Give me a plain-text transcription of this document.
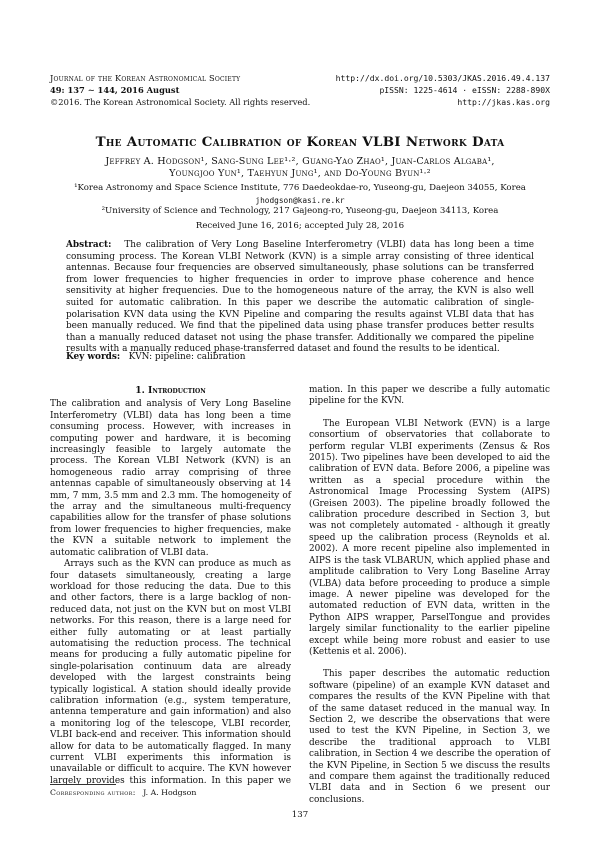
Journal of the Korean Astronomical Society
49: 137 ∼ 144, 2016 August
©2016. The Korean Astronomical Society. All rights reserved.
http://dx.doi.org/10.5303/JKAS.2016.49.4.137
pISSN: 1225-4614 · eISSN: 2288-890X
http://jkas.kas.org
The Automatic Calibration of Korean VLBI Network Data
Jeffrey A. Hodgson¹, Sang-Sung Lee¹·², Guang-Yao Zhao¹, Juan-Carlos Algaba¹,
Youngjoo Yun¹, Taehyun Jung¹, and Do-Young Byun¹·²
¹Korea Astronomy and Space Science Institute, 776 Daedeokdae-ro, Yuseong-gu, Daejeon 34055, Korea
jhodgson@kasi.re.kr
²University of Science and Technology, 217 Gajeong-ro, Yuseong-gu, Daejeon 34113, Korea
Received June 16, 2016; accepted July 28, 2016
Abstract: The calibration of Very Long Baseline Interferometry (VLBI) data has long been a time consuming process. The Korean VLBI Network (KVN) is a simple array consisting of three identical antennas. Because four frequencies are observed simultaneously, phase solutions can be transferred from lower frequencies to higher frequencies in order to improve phase coherence and hence sensitivity at higher frequencies. Due to the homogeneous nature of the array, the KVN is also well suited for automatic calibration. In this paper we describe the automatic calibration of single-polarisation KVN data using the KVN Pipeline and comparing the results against VLBI data that has been manually reduced. We find that the pipelined data using phase transfer produces better results than a manually reduced dataset not using the phase transfer. Additionally we compared the pipeline results with a manually reduced phase-transferred dataset and found the results to be identical.
Key words: KVN: pipeline: calibration
1. Introduction

The calibration and analysis of Very Long Baseline Interferometry (VLBI) data has long been a time consuming process. However, with increases in computing power and hardware, it is becoming increasingly feasible to largely automate the process. The Korean VLBI Network (KVN) is an homogeneous radio array comprising of three antennas capable of simultaneously observing at 14 mm, 7 mm, 3.5 mm and 2.3 mm. The homogeneity of the array and the simultaneous multi-frequency capabilities allow for the transfer of phase solutions from lower frequencies to higher frequencies, make the KVN a suitable network to implement the automatic calibration of VLBI data.

Arrays such as the KVN can produce as much as four datasets simultaneously, creating a large workload for those reducing the data. Due to this and other factors, there is a large backlog of non-reduced data, not just on the KVN but on most VLBI networks. For this reason, there is a large need for either fully automating or at least partially automatising the reduction process. The technical means for producing a fully automatic pipeline for single-polarisation continuum data are already developed with the largest constraints being typically logistical. A station should ideally provide calibration information (e.g., system temperature, antenna temperature and gain information) and also a monitoring log of the telescope, VLBI recorder, VLBI back-end and receiver. This information should allow for data to be automatically flagged. In many current VLBI experiments this information is unavailable or difficult to acquire. The KVN however largely provides this information. In this paper we

mation. In this paper we describe a fully automatic pipeline for the KVN.

The European VLBI Network (EVN) is a large consortium of observatories that collaborate to perform regular VLBI experiments (Zensus & Ros 2015). Two pipelines have been developed to aid the calibration of EVN data. Before 2006, a pipeline was written as a special procedure within the Astronomical Image Processing System (AIPS) (Greisen 2003). The pipeline broadly followed the calibration procedure described in Section 3, but was not completely automated - although it greatly speed up the calibration process (Reynolds et al. 2002). A more recent pipeline also implemented in AIPS is the task VLBARUN, which applied phase and amplitude calibration to Very Long Baseline Array (VLBA) data before proceeding to produce a simple image. A newer pipeline was developed for the automated reduction of EVN data, written in the Python AIPS wrapper, ParselTongue and provides largely similar functionality to the earlier pipeline except while being more robust and easier to use (Kettenis et al. 2006).

This paper describes the automatic reduction software (pipeline) of an example KVN dataset and compares the results of the KVN Pipeline with that of the same dataset reduced in the manual way. In Section 2, we describe the observations that were used to test the KVN Pipeline, in Section 3, we describe the traditional approach to VLBI calibration, in Section 4 we describe the operation of the KVN Pipeline, in Section 5 we discuss the results and compare them against the traditionally reduced VLBI data and in Section 6 we present our conclusions.

Corresponding author: J. A. Hodgson
137
